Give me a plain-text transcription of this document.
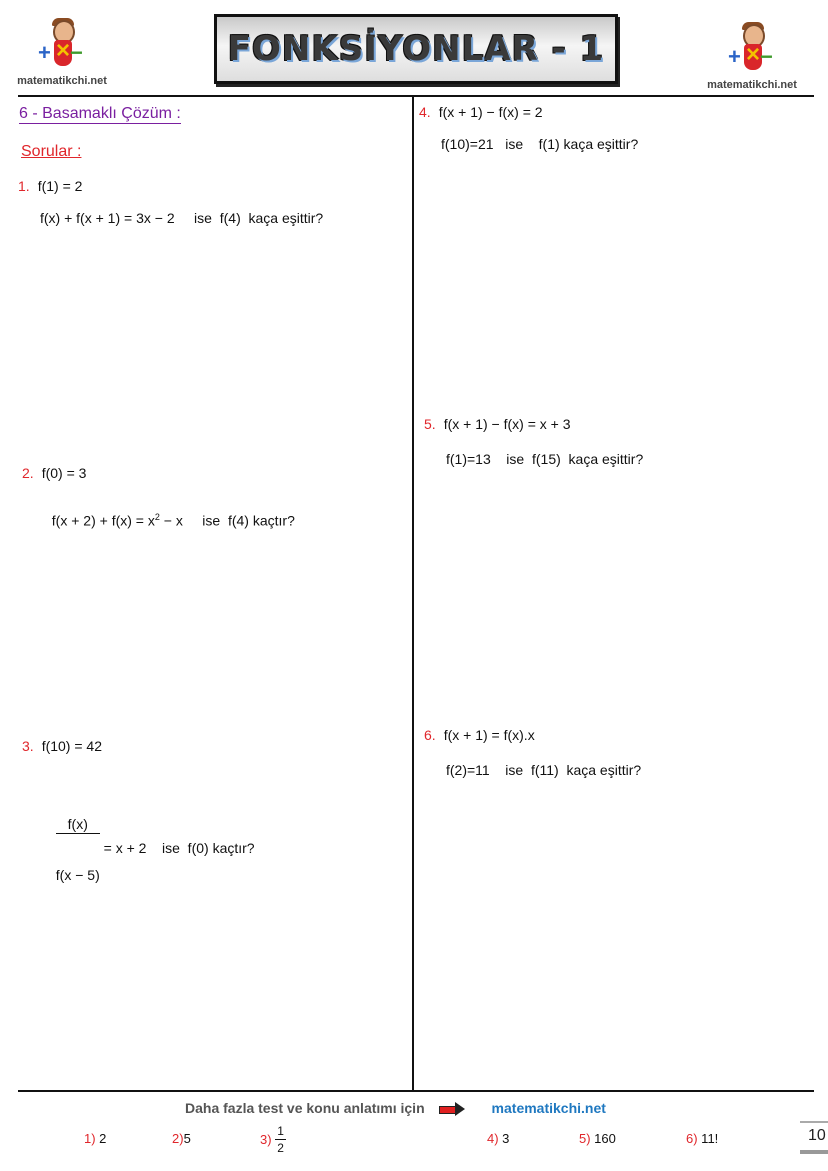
+ × −
matematikchi.net
FONKSİYONLAR - 1	+ × −
matematikchi.net
6 - Basamaklı Çözüm :
Sorular :
1. f(1) = 2
f(x) + f(x + 1) = 3x − 2     ise  f(4)  kaça eşittir?
2. f(0) = 3

$f(x + 2) + f(x) = x^2 - x$     ise  f(4) kaçtır?

3. f(10) = 42

$\frac{f(x)}{f(x - 5)} = x + 2$    ise  f(0) kaçtır?

4. f(x + 1) − f(x) = 2
f(10)=21   ise    f(1) kaça eşittir?
5. f(x + 1) − f(x) = x + 3
f(1)=13    ise  f(15)  kaça eşittir?
6. f(x + 1) = f(x).x
f(2)=11    ise  f(11)  kaça eşittir?
Daha fazla test ve konu anlatımı için	matematikchi.net
1) 2	2)5	$3) \frac{1}{2}$	4) 3	5) 160	6) 11!	10
